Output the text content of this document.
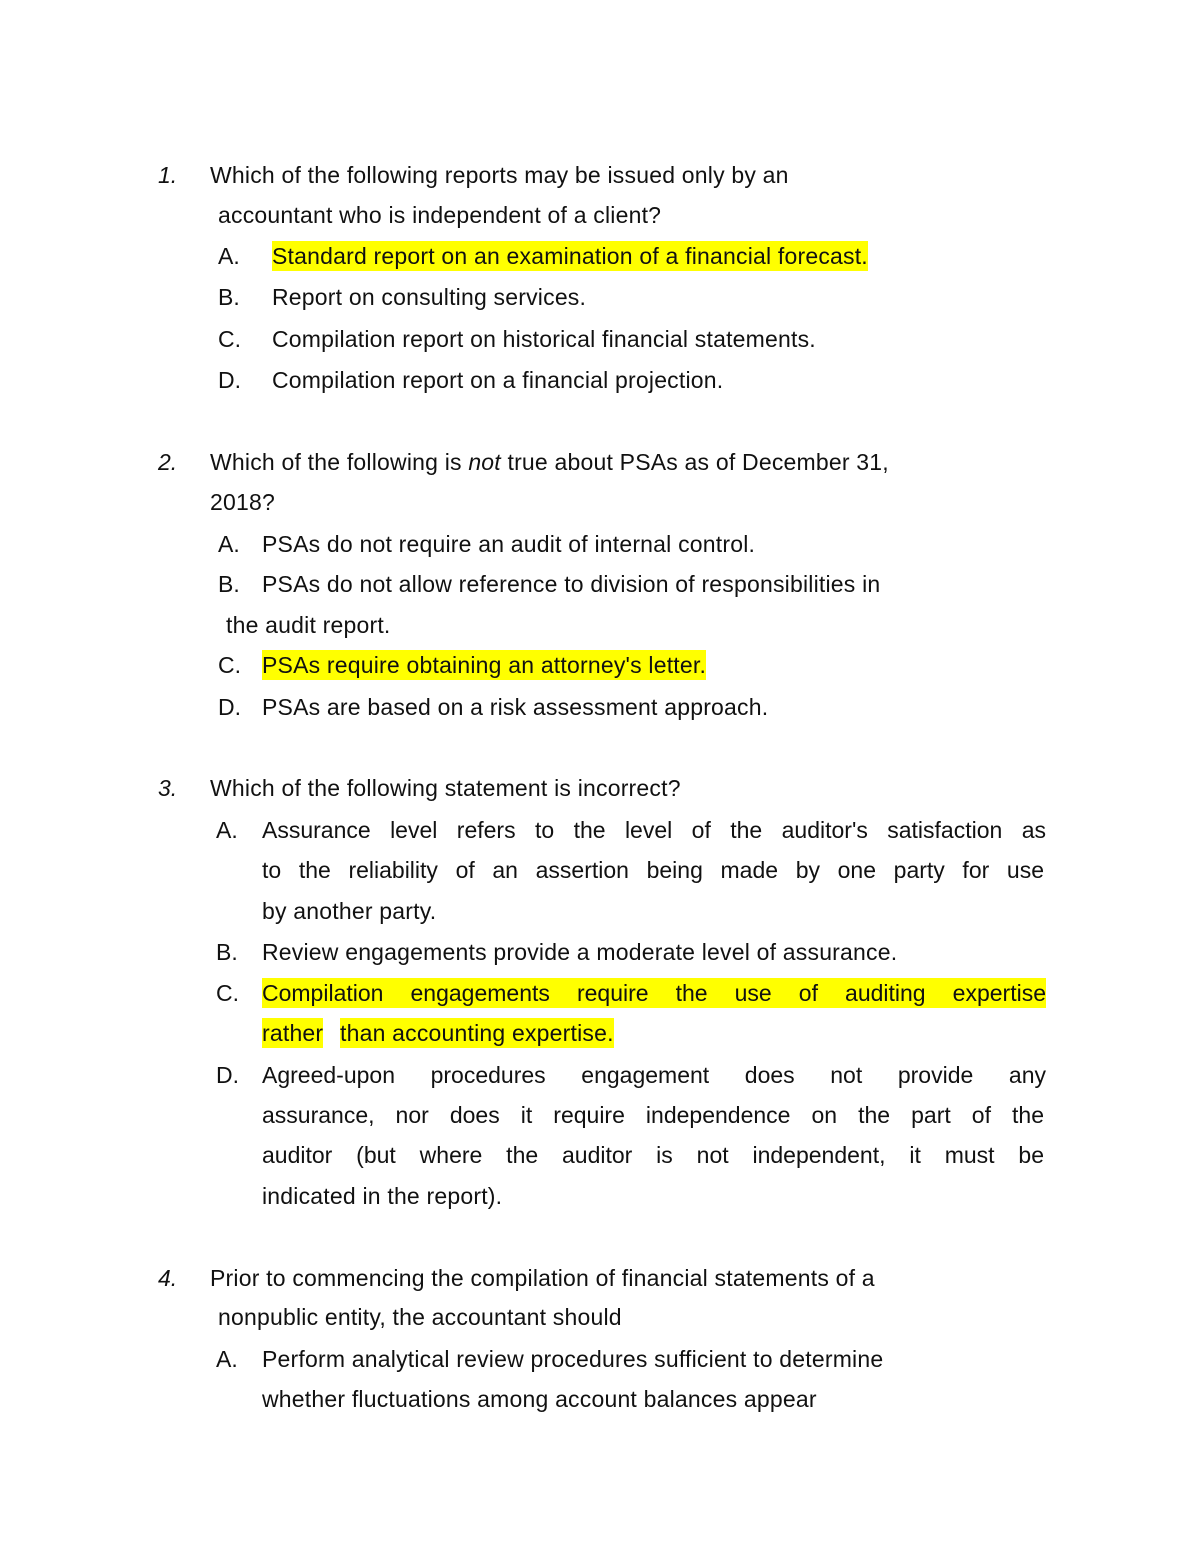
1. Which of the following reports may be issued only by an
accountant who is independent of a client?
A. Standard report on an examination of a financial forecast.
B. Report on consulting services.
C. Compilation report on historical financial statements.
D. Compilation report on a financial projection.
2. Which of the following is not true about PSAs as of December 31,
2018?
A. PSAs do not require an audit of internal control.
B. PSAs do not allow reference to division of responsibilities in
the audit report.
C. PSAs require obtaining an attorney's letter.
D. PSAs are based on a risk assessment approach.
3. Which of the following statement is incorrect?
A. Assurance level refers to the level of the auditor's satisfaction as
to the reliability of an assertion being made by one party for use
by another party.
B. Review engagements provide a moderate level of assurance.
C. Compilation engagements require the use of auditing expertise
rather than accounting expertise.
D. Agreed-upon procedures engagement does not provide any
assurance, nor does it require independence on the part of the
auditor (but where the auditor is not independent, it must be
indicated in the report).
4. Prior to commencing the compilation of financial statements of a
nonpublic entity, the accountant should
A. Perform analytical review procedures sufficient to determine
whether fluctuations among account balances appear
